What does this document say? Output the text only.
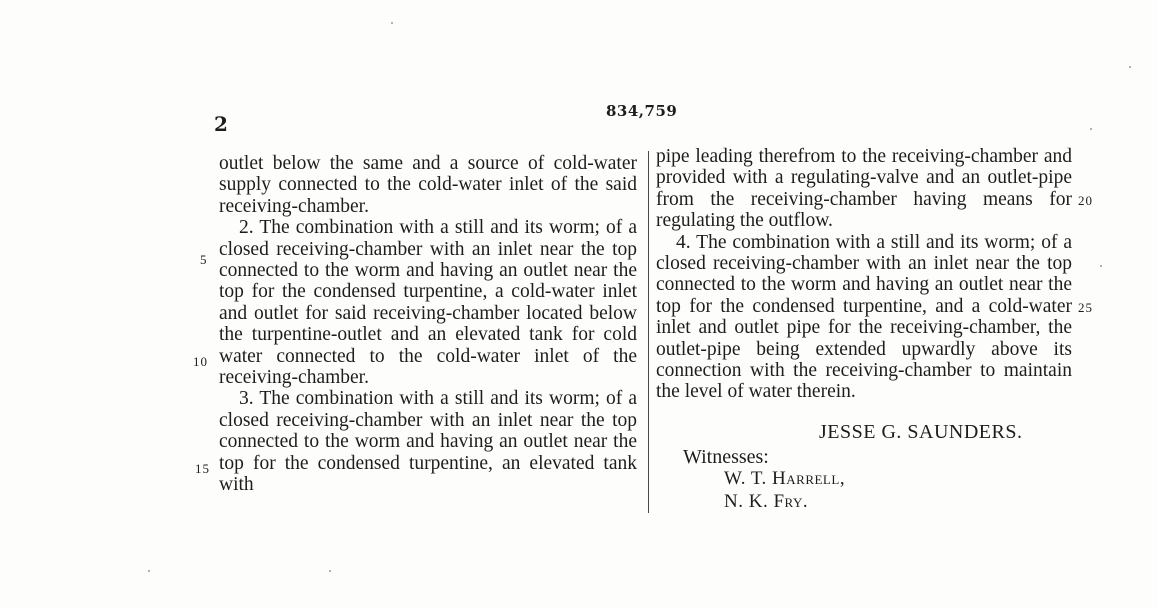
2
834,759

outlet below the same and a source of cold-water supply connected to the cold-water inlet of the said receiving-chamber.

2. The combination with a still and its worm; of a closed receiving-chamber with an inlet near the top connected to the worm and having an outlet near the top for the condensed turpentine, a cold-water inlet and outlet for said receiving-chamber located below the turpentine-outlet and an elevated tank for cold water connected to the cold-water inlet of the receiving-chamber.

3. The combination with a still and its worm; of a closed receiving-chamber with an inlet near the top connected to the worm and having an outlet near the top for the condensed turpentine, an elevated tank with

pipe leading therefrom to the receiving-chamber and provided with a regulating-valve and an outlet-pipe from the receiving-chamber having means for regulating the outflow.

4. The combination with a still and its worm; of a closed receiving-chamber with an inlet near the top connected to the worm and having an outlet near the top for the condensed turpentine, and a cold-water inlet and outlet pipe for the receiving-chamber, the outlet-pipe being extended upwardly above its connection with the receiving-chamber to maintain the level of water therein.

5
10
15
20
25
JESSE G. SAUNDERS.
Witnesses:
W. T. Harrell,
N. K. Fry.
